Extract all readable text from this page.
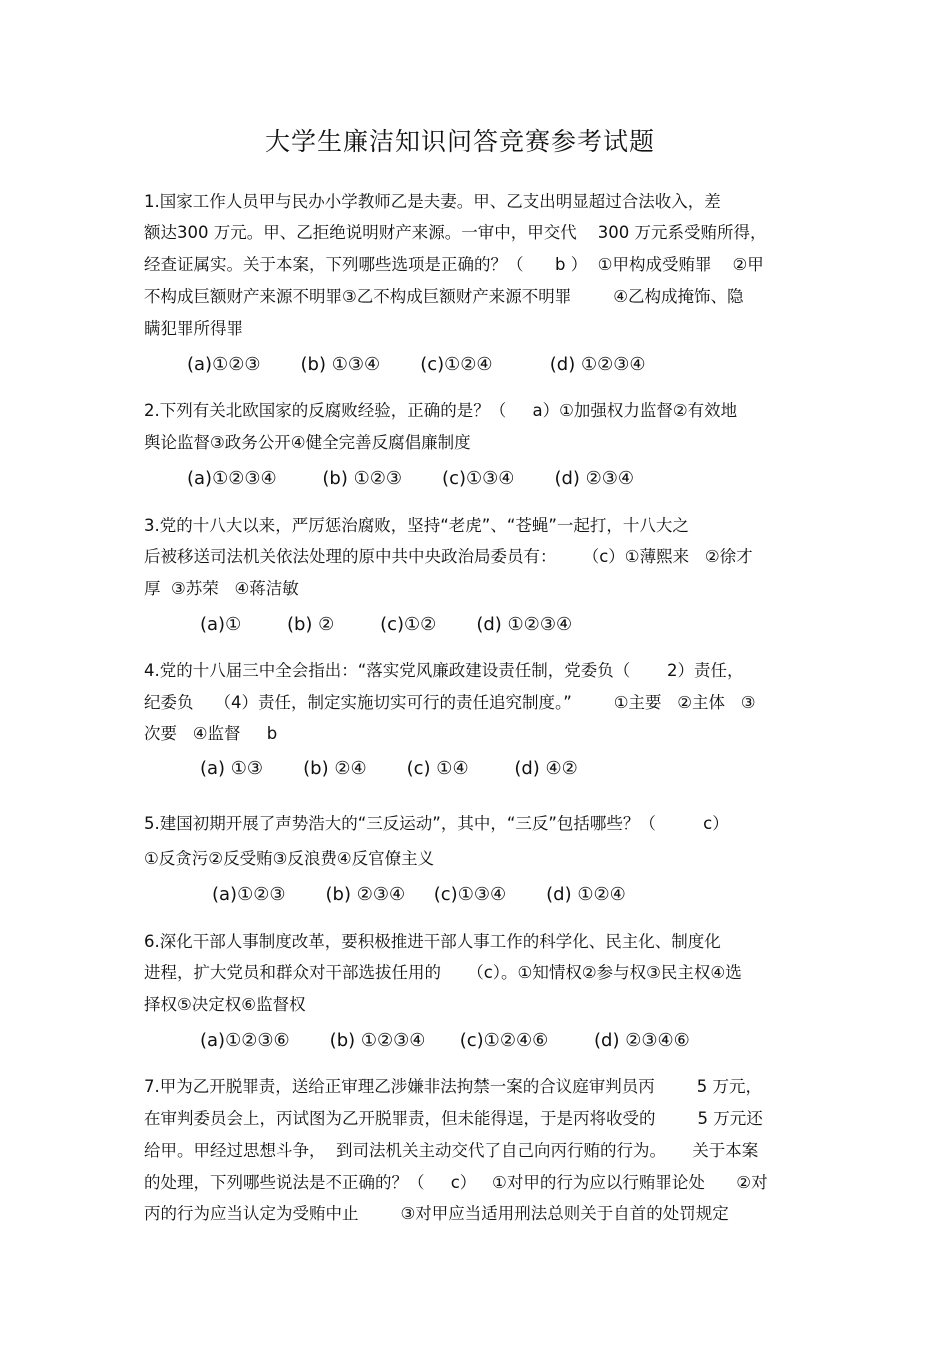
大学生廉洁知识问答竞赛参考试题
1.国家工作人员甲与民办小学教师乙是夫妻。甲、乙支出明显超过合法收入，差
额达300 万元。甲、乙拒绝说明财产来源。一审中，甲交代    300 万元系受贿所得，
经查证属实。关于本案，下列哪些选项是正确的？（      b ）  ①甲构成受贿罪    ②甲
不构成巨额财产来源不明罪③乙不构成巨额财产来源不明罪        ④乙构成掩饰、隐
瞒犯罪所得罪
(a)①②③       (b) ①③④       (c)①②④          (d) ①②③④
2.下列有关北欧国家的反腐败经验，正确的是？（     a）①加强权力监督②有效地
舆论监督③政务公开④健全完善反腐倡廉制度
(a)①②③④        (b) ①②③       (c)①③④       (d) ②③④
3.党的十八大以来，严厉惩治腐败，坚持“老虎”、“苍蝇”一起打，十八大之
后被移送司法机关依法处理的原中共中央政治局委员有：     （c）①薄熙来   ②徐才
厚  ③苏荣   ④蒋洁敏
(a)①        (b) ②        (c)①②       (d) ①②③④
4.党的十八届三中全会指出：“落实党风廉政建设责任制，党委负（       2）责任，
纪委负    （4）责任，制定实施切实可行的责任追究制度。”        ①主要   ②主体   ③
次要   ④监督     b
(a) ①③       (b) ②④       (c) ①④        (d) ④②
5.建国初期开展了声势浩大的“三反运动”，其中，“三反”包括哪些？（         c）
①反贪污②反受贿③反浪费④反官僚主义
(a)①②③       (b) ②③④     (c)①③④       (d) ①②④
6.深化干部人事制度改革，要积极推进干部人事工作的科学化、民主化、制度化
进程，扩大党员和群众对干部选拔任用的     （c）。①知情权②参与权③民主权④选
择权⑤决定权⑥监督权
(a)①②③⑥       (b) ①②③④      (c)①②④⑥        (d) ②③④⑥
7.甲为乙开脱罪责，送给正审理乙涉嫌非法拘禁一案的合议庭审判员丙        5 万元，
在审判委员会上，丙试图为乙开脱罪责，但未能得逞，于是丙将收受的        5 万元还
给甲。甲经过思想斗争，  到司法机关主动交代了自己向丙行贿的行为。     关于本案
的处理，下列哪些说法是不正确的？（     c）   ①对甲的行为应以行贿罪论处      ②对
丙的行为应当认定为受贿中止        ③对甲应当适用刑法总则关于自首的处罚规定
